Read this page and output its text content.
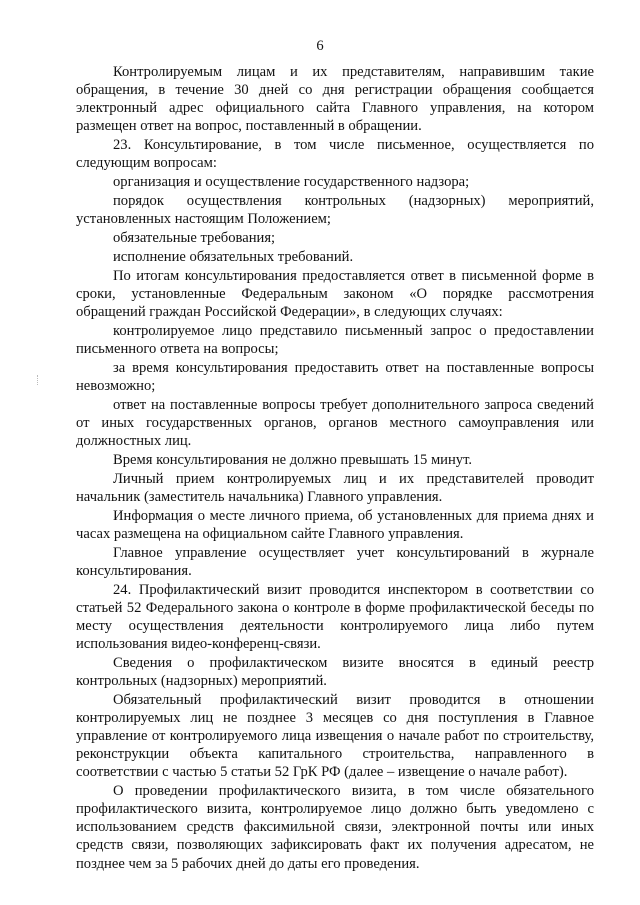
6

Контролируемым лицам и их представителям, направившим такие обращения, в течение 30 дней со дня регистрации обращения сообщается электронный адрес официального сайта Главного управления, на котором размещен ответ на вопрос, поставленный в обращении.

23. Консультирование, в том числе письменное, осуществляется по следующим вопросам:

организация и осуществление государственного надзора;

порядок осуществления контрольных (надзорных) мероприятий, установленных настоящим Положением;

обязательные требования;

исполнение обязательных требований.

По итогам консультирования предоставляется ответ в письменной форме в сроки, установленные Федеральным законом «О порядке рассмотрения обращений граждан Российской Федерации», в следующих случаях:

контролируемое лицо представило письменный запрос о предоставлении письменного ответа на вопросы;

за время консультирования предоставить ответ на поставленные вопросы невозможно;

ответ на поставленные вопросы требует дополнительного запроса сведений от иных государственных органов, органов местного самоуправления или должностных лиц.

Время консультирования не должно превышать 15 минут.

Личный прием контролируемых лиц и их представителей проводит начальник (заместитель начальника) Главного управления.

Информация о месте личного приема, об установленных для приема днях и часах размещена на официальном сайте Главного управления.

Главное управление осуществляет учет консультирований в журнале консультирования.

24. Профилактический визит проводится инспектором в соответствии со статьей 52 Федерального закона о контроле в форме профилактической беседы по месту осуществления деятельности контролируемого лица либо путем использования видео-конференц-связи.

Сведения о профилактическом визите вносятся в единый реестр контрольных (надзорных) мероприятий.

Обязательный профилактический визит проводится в отношении контролируемых лиц не позднее 3 месяцев со дня поступления в Главное управление от контролируемого лица извещения о начале работ по строительству, реконструкции объекта капитального строительства, направленного в соответствии с частью 5 статьи 52 ГрК РФ (далее – извещение о начале работ).

О проведении профилактического визита, в том числе обязательного профилактического визита, контролируемое лицо должно быть уведомлено с использованием средств факсимильной связи, электронной почты или иных средств связи, позволяющих зафиксировать факт их получения адресатом, не позднее чем за 5 рабочих дней до даты его проведения.
